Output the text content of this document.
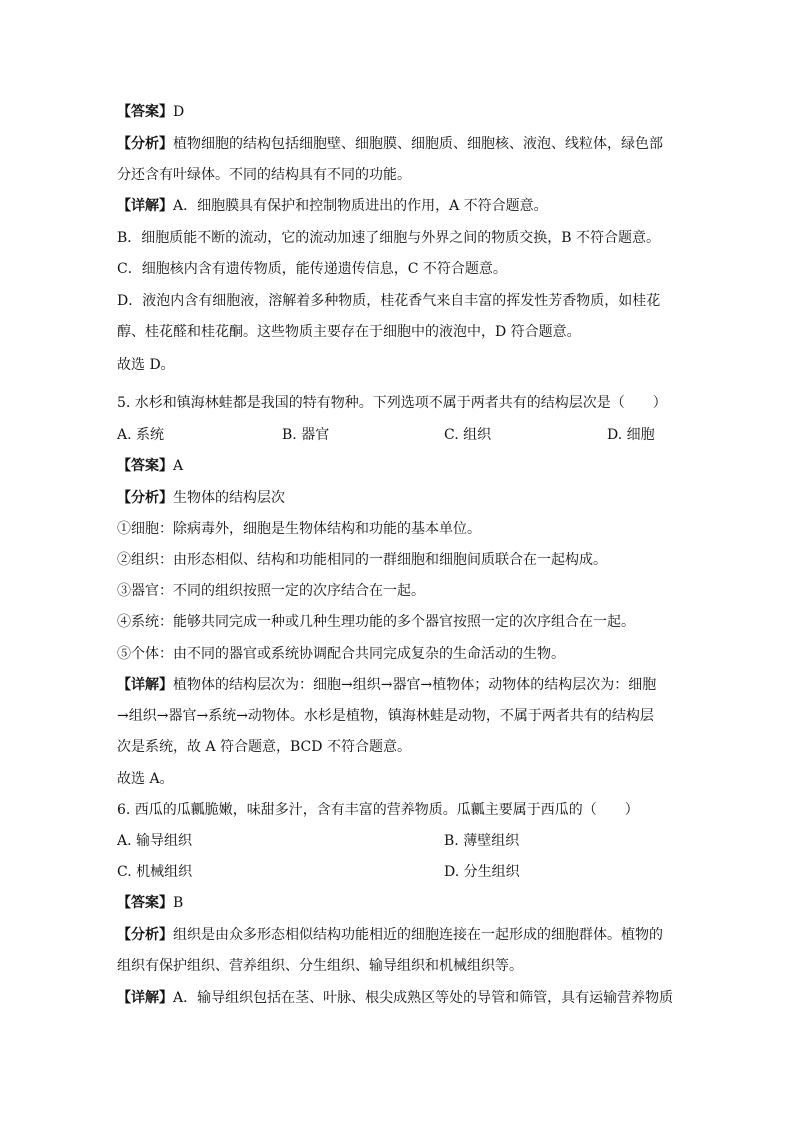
【答案】D
【分析】植物细胞的结构包括细胞壁、细胞膜、细胞质、细胞核、液泡、线粒体，绿色部
分还含有叶绿体。不同的结构具有不同的功能。
【详解】A．细胞膜具有保护和控制物质进出的作用，A 不符合题意。
B．细胞质能不断的流动，它的流动加速了细胞与外界之间的物质交换，B 不符合题意。
C．细胞核内含有遗传物质，能传递遗传信息，C 不符合题意。
D．液泡内含有细胞液，溶解着多种物质，桂花香气来自丰富的挥发性芳香物质，如桂花
醇、桂花醛和桂花酮。这些物质主要存在于细胞中的液泡中，D 符合题意。
故选 D。
5. 水杉和镇海林蛙都是我国的特有物种。下列选项不属于两者共有的结构层次是（　　）
A. 系统	B. 器官	C. 组织	D. 细胞
【答案】A
【分析】生物体的结构层次
①细胞：除病毒外，细胞是生物体结构和功能的基本单位。
②组织：由形态相似、结构和功能相同的一群细胞和细胞间质联合在一起构成。
③器官：不同的组织按照一定的次序结合在一起。
④系统：能够共同完成一种或几种生理功能的多个器官按照一定的次序组合在一起。
⑤个体：由不同的器官或系统协调配合共同完成复杂的生命活动的生物。
【详解】植物体的结构层次为：细胞→组织→器官→植物体；动物体的结构层次为：细胞
→组织→器官→系统→动物体。水杉是植物，镇海林蛙是动物，不属于两者共有的结构层
次是系统，故 A 符合题意，BCD 不符合题意。
故选 A。
6. 西瓜的瓜瓤脆嫩，味甜多汁，含有丰富的营养物质。瓜瓤主要属于西瓜的（　　）
A. 输导组织	B. 薄壁组织
C. 机械组织	D. 分生组织
【答案】B
【分析】组织是由众多形态相似结构功能相近的细胞连接在一起形成的细胞群体。植物的
组织有保护组织、营养组织、分生组织、输导组织和机械组织等。
【详解】A．输导组织包括在茎、叶脉、根尖成熟区等处的导管和筛管，具有运输营养物质
